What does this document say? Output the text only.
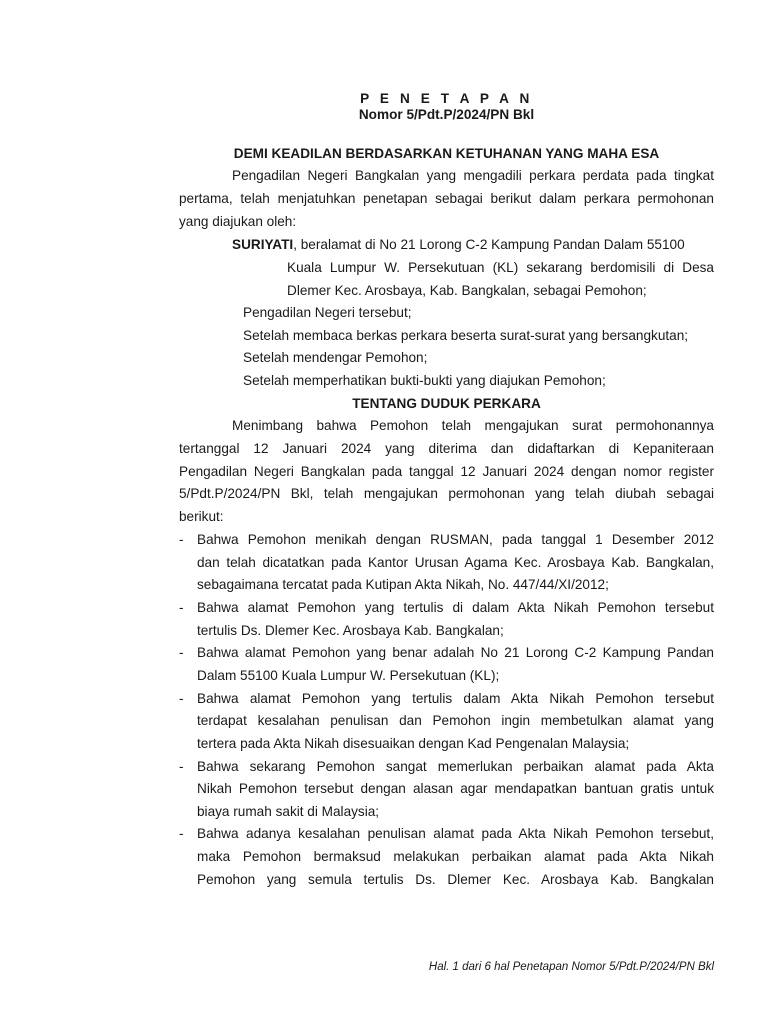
P E N E T A P A N
Nomor 5/Pdt.P/2024/PN Bkl
DEMI KEADILAN BERDASARKAN KETUHANAN YANG MAHA ESA
Pengadilan Negeri Bangkalan yang mengadili perkara perdata pada tingkat
pertama, telah menjatuhkan penetapan sebagai berikut dalam perkara permohonan
yang diajukan oleh:
SURIYATI, beralamat di No 21 Lorong C-2 Kampung Pandan Dalam 55100
Kuala Lumpur W. Persekutuan (KL) sekarang berdomisili di Desa
Dlemer Kec. Arosbaya, Kab. Bangkalan, sebagai Pemohon;
Pengadilan Negeri tersebut;
Setelah membaca berkas perkara beserta surat-surat yang bersangkutan;
Setelah mendengar Pemohon;
Setelah memperhatikan bukti-bukti yang diajukan Pemohon;
TENTANG DUDUK PERKARA
Menimbang bahwa Pemohon telah mengajukan surat permohonannya
tertanggal 12 Januari 2024 yang diterima dan didaftarkan di Kepaniteraan
Pengadilan Negeri Bangkalan pada tanggal 12 Januari 2024 dengan nomor register
5/Pdt.P/2024/PN Bkl, telah mengajukan permohonan yang telah diubah sebagai
berikut:
- Bahwa Pemohon menikah dengan RUSMAN, pada tanggal 1 Desember 2012
dan telah dicatatkan pada Kantor Urusan Agama Kec. Arosbaya Kab. Bangkalan,
sebagaimana tercatat pada Kutipan Akta Nikah, No. 447/44/XI/2012;
- Bahwa alamat Pemohon yang tertulis di dalam Akta Nikah Pemohon tersebut
tertulis Ds. Dlemer Kec. Arosbaya Kab. Bangkalan;
- Bahwa alamat Pemohon yang benar adalah No 21 Lorong C-2 Kampung Pandan
Dalam 55100 Kuala Lumpur W. Persekutuan (KL);
- Bahwa alamat Pemohon yang tertulis dalam Akta Nikah Pemohon tersebut
terdapat kesalahan penulisan dan Pemohon ingin membetulkan alamat yang
tertera pada Akta Nikah disesuaikan dengan Kad Pengenalan Malaysia;
- Bahwa sekarang Pemohon sangat memerlukan perbaikan alamat pada Akta
Nikah Pemohon tersebut dengan alasan agar mendapatkan bantuan gratis untuk
biaya rumah sakit di Malaysia;
- Bahwa adanya kesalahan penulisan alamat pada Akta Nikah Pemohon tersebut,
maka Pemohon bermaksud melakukan perbaikan alamat pada Akta Nikah
Pemohon yang semula tertulis Ds. Dlemer Kec. Arosbaya Kab. Bangkalan
Hal. 1 dari 6 hal Penetapan Nomor 5/Pdt.P/2024/PN Bkl
